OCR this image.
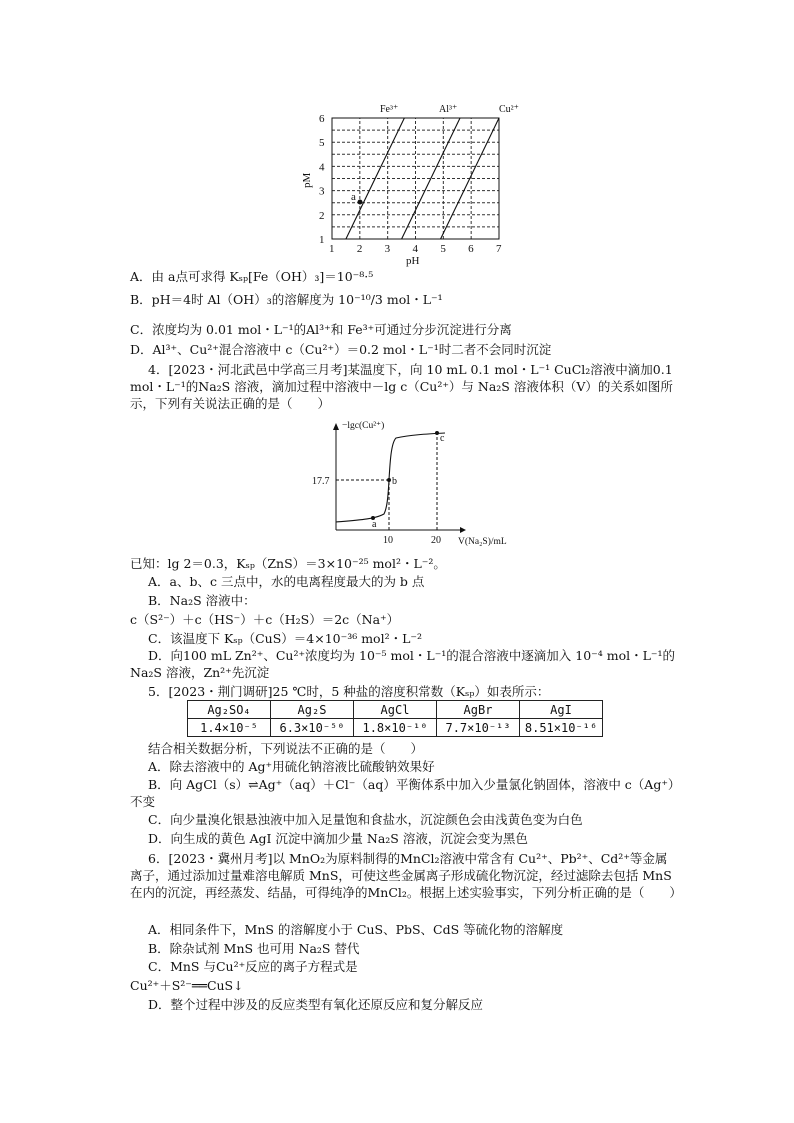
a
Fe³⁺	Al³⁺	Cu²⁺
1 2 3 4 5 6 7
1
2
3
4
5
6
pH
pM
A．由 a点可求得 Kₛₚ[Fe（OH）₃]＝10⁻⁸·⁵
B．pH＝4时 Al（OH）₃的溶解度为 10⁻¹⁰/3 mol・L⁻¹
C．浓度均为 0.01 mol・L⁻¹的Al³⁺和 Fe³⁺可通过分步沉淀进行分离
D．Al³⁺、Cu²⁺混合溶液中 c（Cu²⁺）＝0.2 mol・L⁻¹时二者不会同时沉淀
4．[2023・河北武邑中学高三月考]某温度下，向 10 mL 0.1 mol・L⁻¹ CuCl₂溶液中滴加0.1 mol・L⁻¹的Na₂S 溶液，滴加过程中溶液中－lg c（Cu²⁺）与 Na₂S 溶液体积（V）的关系如图所示，下列有关说法正确的是（　　）
a
b
c
17.7
10	20
−lgc(Cu²⁺)
V(Na₂S)/mL
已知：lg 2＝0.3，Kₛₚ（ZnS）＝3×10⁻²⁵ mol²・L⁻²。
A．a、b、c 三点中，水的电离程度最大的为 b 点
B．Na₂S 溶液中：
c（S²⁻）＋c（HS⁻）＋c（H₂S）＝2c（Na⁺）
C．该温度下 Kₛₚ（CuS）＝4×10⁻³⁶ mol²・L⁻²
D．向100 mL Zn²⁺、Cu²⁺浓度均为 10⁻⁵ mol・L⁻¹的混合溶液中逐滴加入 10⁻⁴ mol・L⁻¹的 Na₂S 溶液，Zn²⁺先沉淀
5．[2023・荆门调研]25 ℃时，5 种盐的溶度积常数（Kₛₚ）如表所示：
Ag₂SO₄	Ag₂S	AgCl	AgBr	AgI
1.4×10⁻⁵	6.3×10⁻⁵⁰	1.8×10⁻¹⁰	7.7×10⁻¹³	8.51×10⁻¹⁶
结合相关数据分析，下列说法不正确的是（　　）
A．除去溶液中的 Ag⁺用硫化钠溶液比硫酸钠效果好
B．向 AgCl（s）⇌Ag⁺（aq）＋Cl⁻（aq）平衡体系中加入少量氯化钠固体，溶液中 c（Ag⁺）不变
C．向少量溴化银悬浊液中加入足量饱和食盐水，沉淀颜色会由浅黄色变为白色
D．向生成的黄色 AgI 沉淀中滴加少量 Na₂S 溶液，沉淀会变为黑色
6．[2023・冀州月考]以 MnO₂为原料制得的MnCl₂溶液中常含有 Cu²⁺、Pb²⁺、Cd²⁺等金属离子，通过添加过量难溶电解质 MnS，可使这些金属离子形成硫化物沉淀，经过滤除去包括 MnS 在内的沉淀，再经蒸发、结晶，可得纯净的MnCl₂。根据上述实验事实，下列分析正确的是（　　）
A．相同条件下，MnS 的溶解度小于 CuS、PbS、CdS 等硫化物的溶解度
B．除杂试剂 MnS 也可用 Na₂S 替代
C．MnS 与Cu²⁺反应的离子方程式是
Cu²⁺＋S²⁻══CuS↓
D．整个过程中涉及的反应类型有氧化还原反应和复分解反应
